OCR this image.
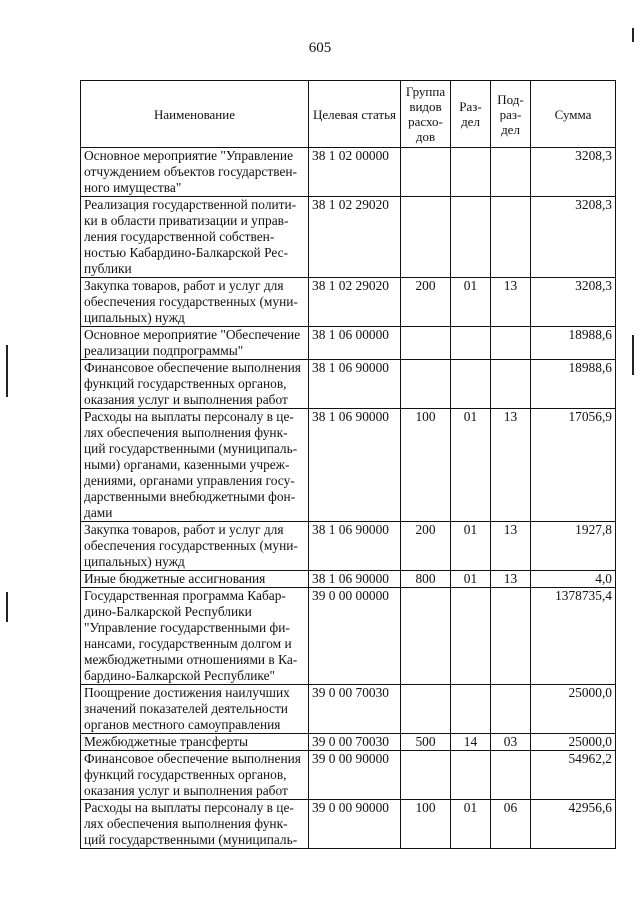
605
Наименование	Целевая статья	Группа видов расхо-дов	Раз-дел	Под-раз-дел	Сумма
Основное мероприятие "Управление отчуждением объектов государствен-ного имущества"	38 1 02 00000				3208,3
Реализация государственной полити-ки в области приватизации и управ-ления государственной собствен-ностью Кабардино-Балкарской Рес-публики	38 1 02 29020				3208,3
Закупка товаров, работ и услуг для обеспечения государственных (муни-ципальных) нужд	38 1 02 29020	200	01	13	3208,3
Основное мероприятие "Обеспечение реализации подпрограммы"	38 1 06 00000				18988,6
Финансовое обеспечение выполнения функций государственных органов, оказания услуг и выполнения работ	38 1 06 90000				18988,6
Расходы на выплаты персоналу в це-лях обеспечения выполнения функ-ций государственными (муниципаль-ными) органами, казенными учреж-дениями, органами управления госу-дарственными внебюджетными фон-дами	38 1 06 90000	100	01	13	17056,9
Закупка товаров, работ и услуг для обеспечения государственных (муни-ципальных) нужд	38 1 06 90000	200	01	13	1927,8
Иные бюджетные ассигнования	38 1 06 90000	800	01	13	4,0
Государственная программа Кабар-дино-Балкарской Республики "Управление государственными фи-нансами, государственным долгом и межбюджетными отношениями в Ка-бардино-Балкарской Республике"	39 0 00 00000				1378735,4
Поощрение достижения наилучших значений показателей деятельности органов местного самоуправления	39 0 00 70030				25000,0
Межбюджетные трансферты	39 0 00 70030	500	14	03	25000,0
Финансовое обеспечение выполнения функций государственных органов, оказания услуг и выполнения работ	39 0 00 90000				54962,2
Расходы на выплаты персоналу в це-лях обеспечения выполнения функ-ций государственными (муниципаль-	39 0 00 90000	100	01	06	42956,6
